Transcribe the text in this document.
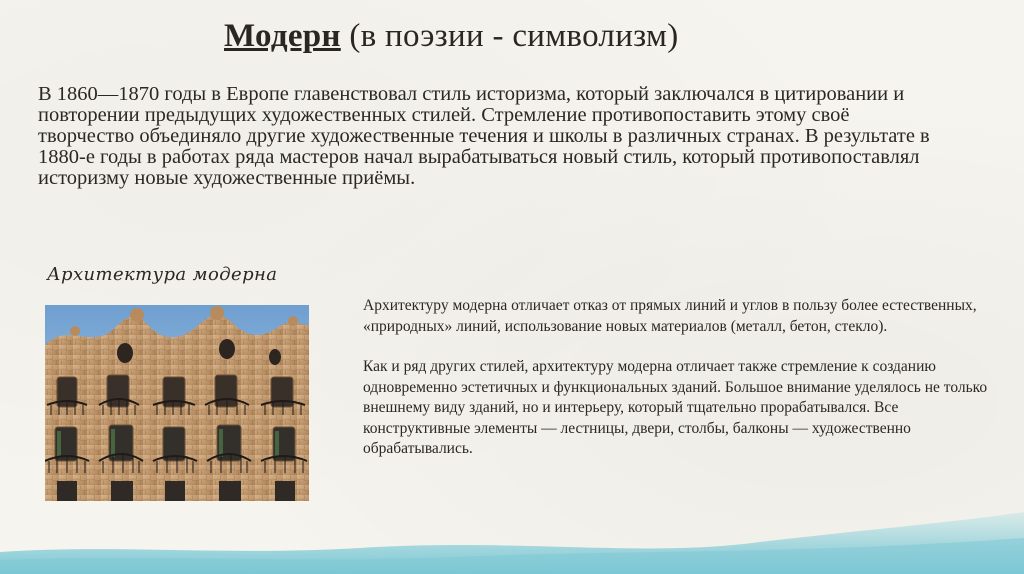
Модерн (в поэзии - символизм)

В 1860—1870 годы в Европе главенствовал стиль историзма, который заключался в цитировании и повторении предыдущих художественных стилей. Стремление противопоставить этому своё творчество объединяло другие художественные течения и школы в различных странах. В результате в 1880-е годы в работах ряда мастеров начал вырабатываться новый стиль, который противопоставлял историзму новые художественные приёмы.

Архитектура модерна

Архитектуру модерна отличает отказ от прямых линий и углов в пользу более естественных, «природных» линий, использование новых материалов (металл, бетон, стекло).

Как и ряд других стилей, архитектуру модерна отличает также стремление к созданию одновременно эстетичных и функциональных зданий. Большое внимание уделялось не только внешнему виду зданий, но и интерьеру, который тщательно прорабатывался. Все конструктивные элементы — лестницы, двери, столбы, балконы — художественно обрабатывались.
